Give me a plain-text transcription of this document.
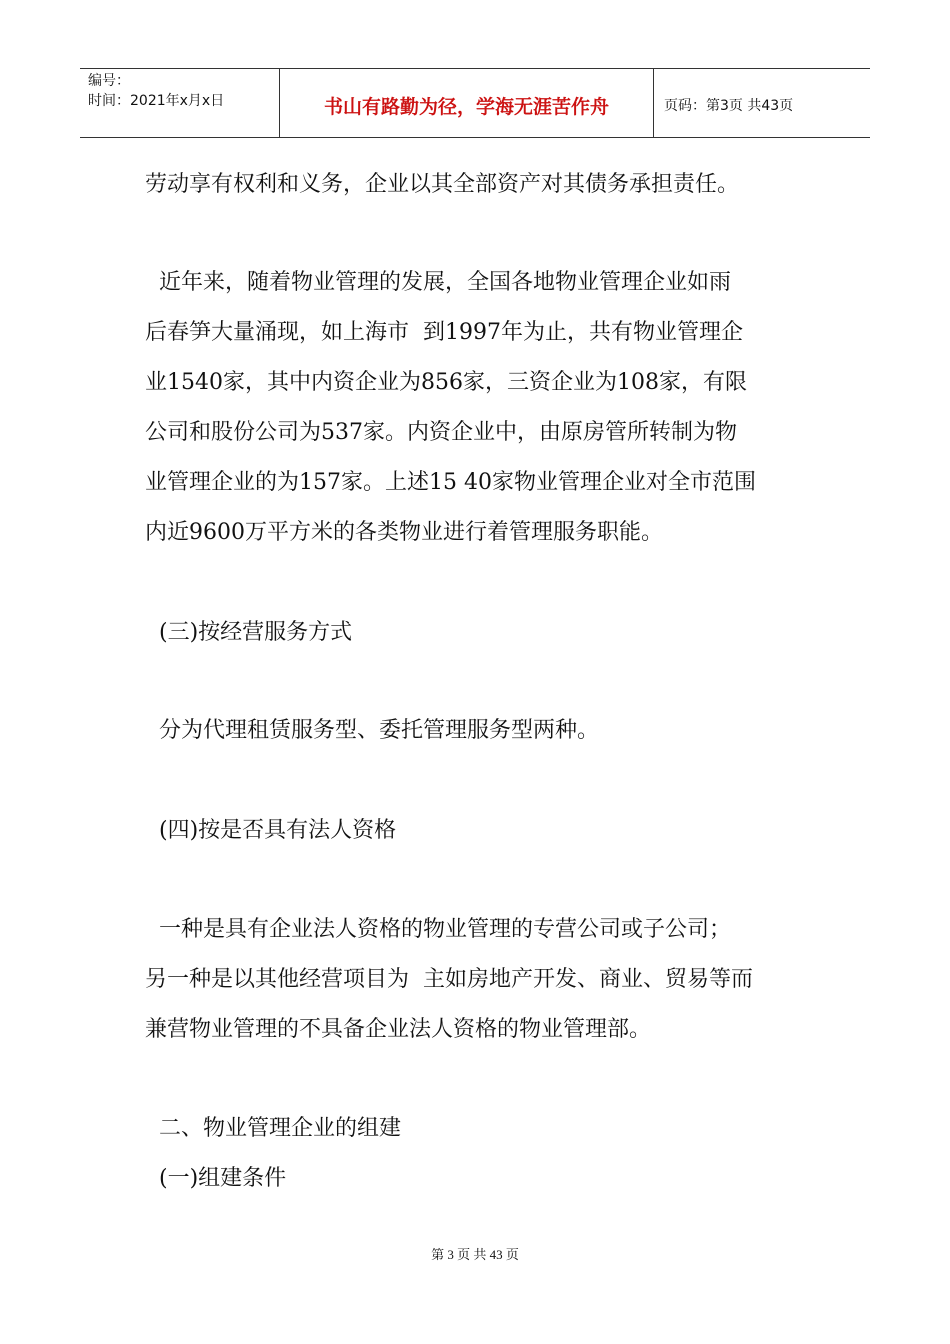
编号：
时间：2021年x月x日	书山有路勤为径，学海无涯苦作舟	页码：第3页 共43页

劳动享有权利和义务，企业以其全部资产对其债务承担责任。

近年来，随着物业管理的发展，全国各地物业管理企业如雨

后春笋大量涌现，如上海市  到1997年为止，共有物业管理企

业1540家，其中内资企业为856家，三资企业为108家，有限

公司和股份公司为537家。内资企业中，由原房管所转制为物

业管理企业的为157家。上述15 40家物业管理企业对全市范围

内近9600万平方米的各类物业进行着管理服务职能。

(三)按经营服务方式

分为代理租赁服务型、委托管理服务型两种。

(四)按是否具有法人资格

一种是具有企业法人资格的物业管理的专营公司或子公司；

另一种是以其他经营项目为  主如房地产开发、商业、贸易等而

兼营物业管理的不具备企业法人资格的物业管理部。

二、物业管理企业的组建

(一)组建条件

第 3 页 共 43 页
